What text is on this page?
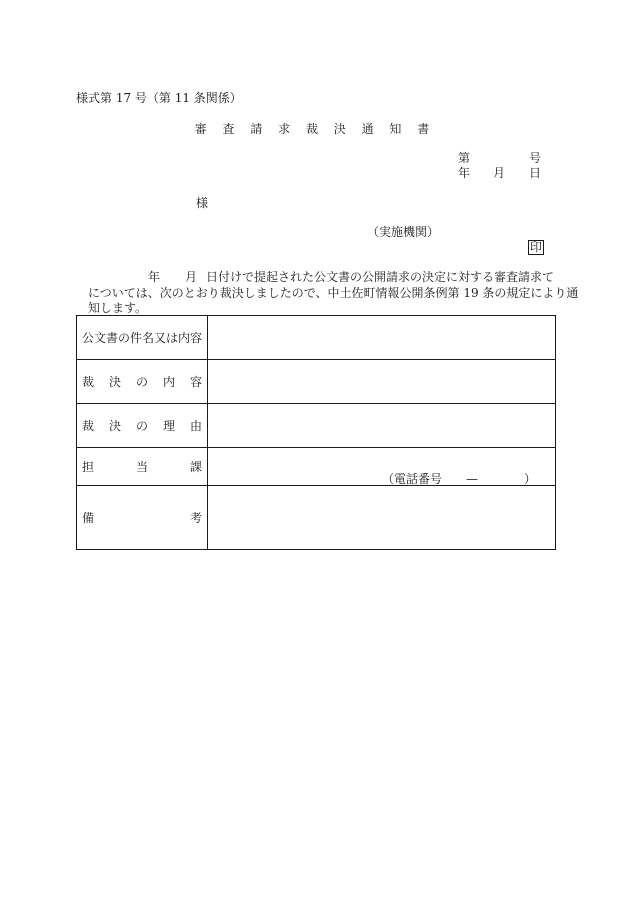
様式第 17 号（第 11 条関係）
審 査 請 求 裁 決 通 知 書
第	号
年 月 日
様
（実施機関）
印
年 月 日付けで提起された公文書の公開請求の決定に対する審査請求て
については、次のとおり裁決しましたので、中土佐町情報公開条例第 19 条の規定により通
知します。
公文書の件名又は内容	

裁 決 の 内 容	

裁 決 の 理 由	

担 当 課	（電話番号 — ）

備 考	
